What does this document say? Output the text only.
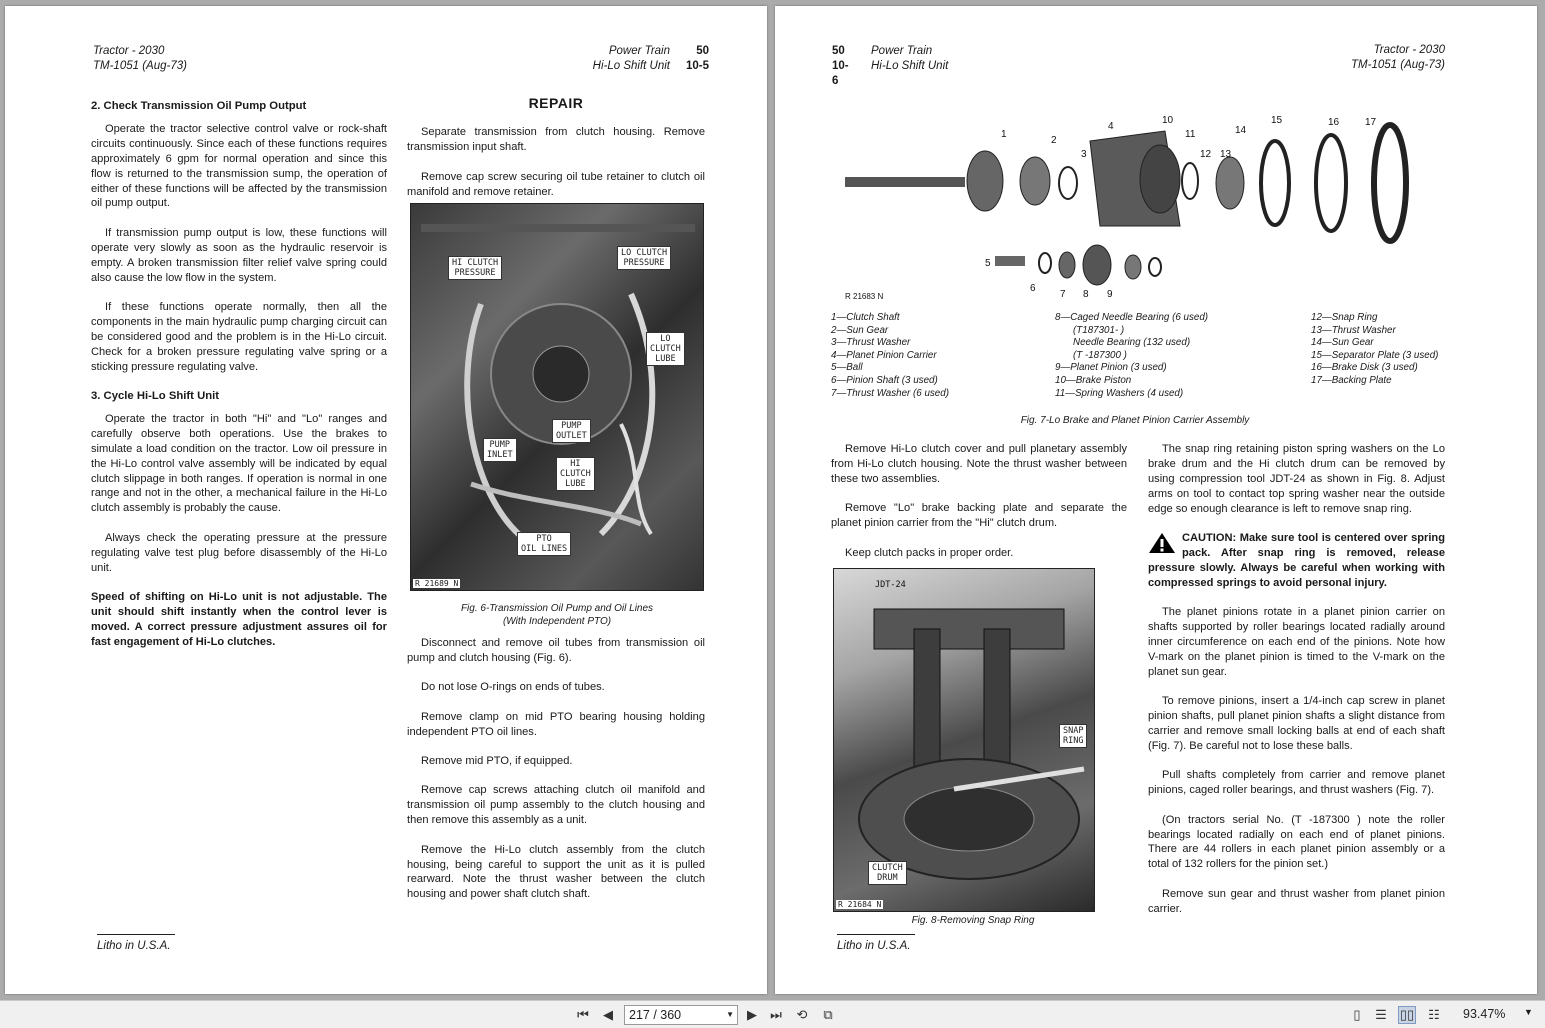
Tractor - 2030
TM-1051 (Aug-73)
Power Train
Hi-Lo Shift Unit
50
10-5
2. Check Transmission Oil Pump Output

Operate the tractor selective control valve or rock-shaft circuits continuously. Since each of these functions requires approximately 6 gpm for normal operation and since this flow is returned to the transmission sump, the operation of either of these functions will be affected by the transmission oil pump output.

If transmission pump output is low, these functions will operate very slowly as soon as the hydraulic reservoir is empty. A broken transmission filter relief valve spring could also cause the low flow in the system.

If these functions operate normally, then all the components in the main hydraulic pump charging circuit can be considered good and the problem is in the Hi-Lo circuit. Check for a broken pressure regulating valve spring or a sticking pressure regulating valve.

3. Cycle Hi-Lo Shift Unit

Operate the tractor in both "Hi" and "Lo" ranges and carefully observe both operations. Use the brakes to simulate a load condition on the tractor. Low oil pressure in the Hi-Lo control valve assembly will be indicated by equal clutch slippage in both ranges. If operation is normal in one range and not in the other, a mechanical failure in the Hi-Lo clutch assembly is probably the cause.

Always check the operating pressure at the pressure regulating valve test plug before disassembly of the Hi-Lo unit.

Speed of shifting on Hi-Lo unit is not adjustable. The unit should shift instantly when the control lever is moved. A correct pressure adjustment assures oil for fast engagement of Hi-Lo clutches.

REPAIR

Separate transmission from clutch housing. Remove transmission input shaft.

Remove cap screw securing oil tube retainer to clutch oil manifold and remove retainer.

HI CLUTCH
PRESSURE
LO CLUTCH
PRESSURE
LO
CLUTCH
LUBE
PUMP
OUTLET
PUMP
INLET
HI
CLUTCH
LUBE
PTO
OIL LINES
R 21689 N
Fig. 6-Transmission Oil Pump and Oil Lines
(With Independent PTO)

Disconnect and remove oil tubes from transmission oil pump and clutch housing (Fig. 6).

Do not lose O-rings on ends of tubes.

Remove clamp on mid PTO bearing housing holding independent PTO oil lines.

Remove mid PTO, if equipped.

Remove cap screws attaching clutch oil manifold and transmission oil pump assembly to the clutch housing and then remove this assembly as a unit.

Remove the Hi-Lo clutch assembly from the clutch housing, being careful to support the unit as it is pulled rearward. Note the thrust washer between the clutch housing and power shaft clutch shaft.

Litho in U.S.A.
50
10-6
Power Train
Hi-Lo Shift Unit
Tractor - 2030
TM-1051 (Aug-73)
1
2
3
4
5
6
7 8 9
10
11
12 13
14
15	16	17
R 21683 N
1—Clutch Shaft
2—Sun Gear
3—Thrust Washer
4—Planet Pinion Carrier
5—Ball
6—Pinion Shaft (3 used)
7—Thrust Washer (6 used)
8—Caged Needle Bearing (6 used)
(T187301- )
Needle Bearing (132 used)
(T -187300 )
9—Planet Pinion (3 used)
10—Brake Piston
11—Spring Washers (4 used)
12—Snap Ring
13—Thrust Washer
14—Sun Gear
15—Separator Plate (3 used)
16—Brake Disk (3 used)
17—Backing Plate
Fig. 7-Lo Brake and Planet Pinion Carrier Assembly

Remove Hi-Lo clutch cover and pull planetary assembly from Hi-Lo clutch housing. Note the thrust washer between these two assemblies.

Remove "Lo" brake backing plate and separate the planet pinion carrier from the "Hi" clutch drum.

Keep clutch packs in proper order.

JDT-24
SNAP
RING
CLUTCH
DRUM
R 21684 N
Fig. 8-Removing Snap Ring

The snap ring retaining piston spring washers on the Lo brake drum and the Hi clutch drum can be removed by using compression tool JDT-24 as shown in Fig. 8. Adjust arms on tool to contact top spring washer near the outside edge so enough clearance is left to remove snap ring.

CAUTION: Make sure tool is centered over spring pack. After snap ring is removed, release pressure slowly. Always be careful when working with compressed springs to avoid personal injury.

The planet pinions rotate in a planet pinion carrier on shafts supported by roller bearings located radially around inner circumference on each end of the pinions. Note how V-mark on the planet pinion is timed to the V-mark on the planet sun gear.

To remove pinions, insert a 1/4-inch cap screw in planet pinion shafts, pull planet pinion shafts a slight distance from carrier and remove small locking balls at end of each shaft (Fig. 7). Be careful not to lose these balls.

Pull shafts completely from carrier and remove planet pinions, caged roller bearings, and thrust washers (Fig. 7).

(On tractors serial No. (T -187300 ) note the roller bearings located radially on each end of planet pinions. There are 44 rollers in each planet pinion assembly or a total of 132 rollers for the pinion set.)

Remove sun gear and thrust washer from planet pinion carrier.

Litho in U.S.A.
⏮	◀	217 / 360	▼	▶	⏭ ⟲	⧉	▯	☰ ▯▯ ☷ 93.47% ▼
